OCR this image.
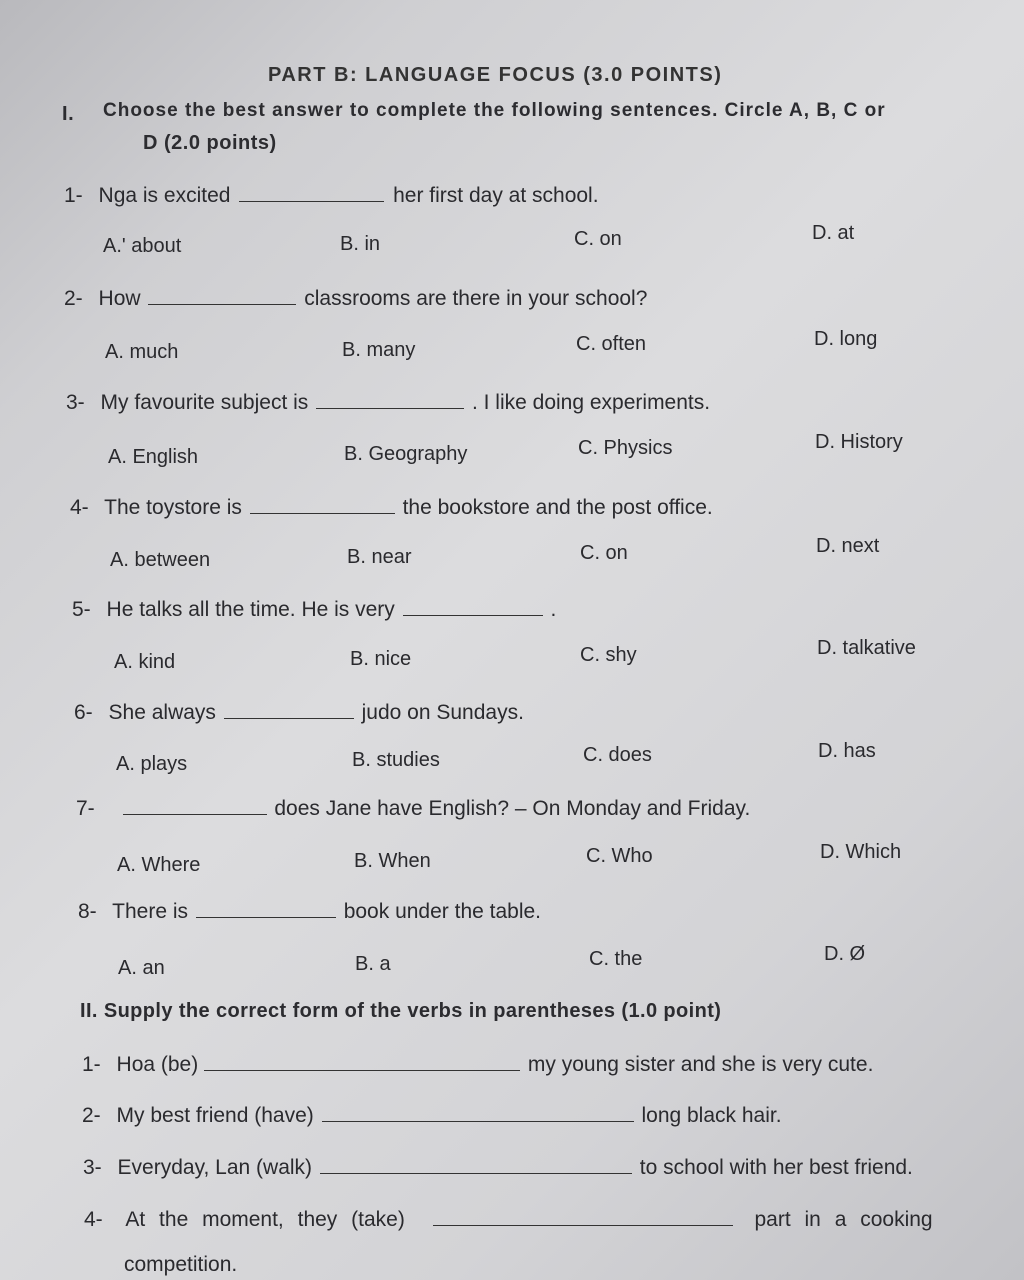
PART B: LANGUAGE FOCUS (3.0 POINTS)
I. Choose the best answer to complete the following sentences. Circle A, B, C or
D (2.0 points)
1- Nga is excited	her first day at school.
A.' about	B. in	C. on	D. at
2- How	classrooms are there in your school?
A. much	B. many	C. often	D. long
3- My favourite subject is	. I like doing experiments.
A. English	B. Geography	C. Physics	D. History
4- The toystore is	the bookstore and the post office.
A. between	B. near	C. on	D. next
5- He talks all the time. He is very	.
A. kind	B. nice	C. shy	D. talkative
6- She always	judo on Sundays.
A. plays	B. studies	C. does	D. has
7-	does Jane have English? – On Monday and Friday.
A. Where	B. When	C. Who	D. Which
8- There is	book under the table.
A. an	B. a	C. the	D. Ø
II. Supply the correct form of the verbs in parentheses (1.0 point)
1- Hoa (be)	my young sister and she is very cute.
2- My best friend (have)	long black hair.
3- Everyday, Lan (walk)	to school with her best friend.
4- At the moment, they (take)	part in a cooking
competition.
